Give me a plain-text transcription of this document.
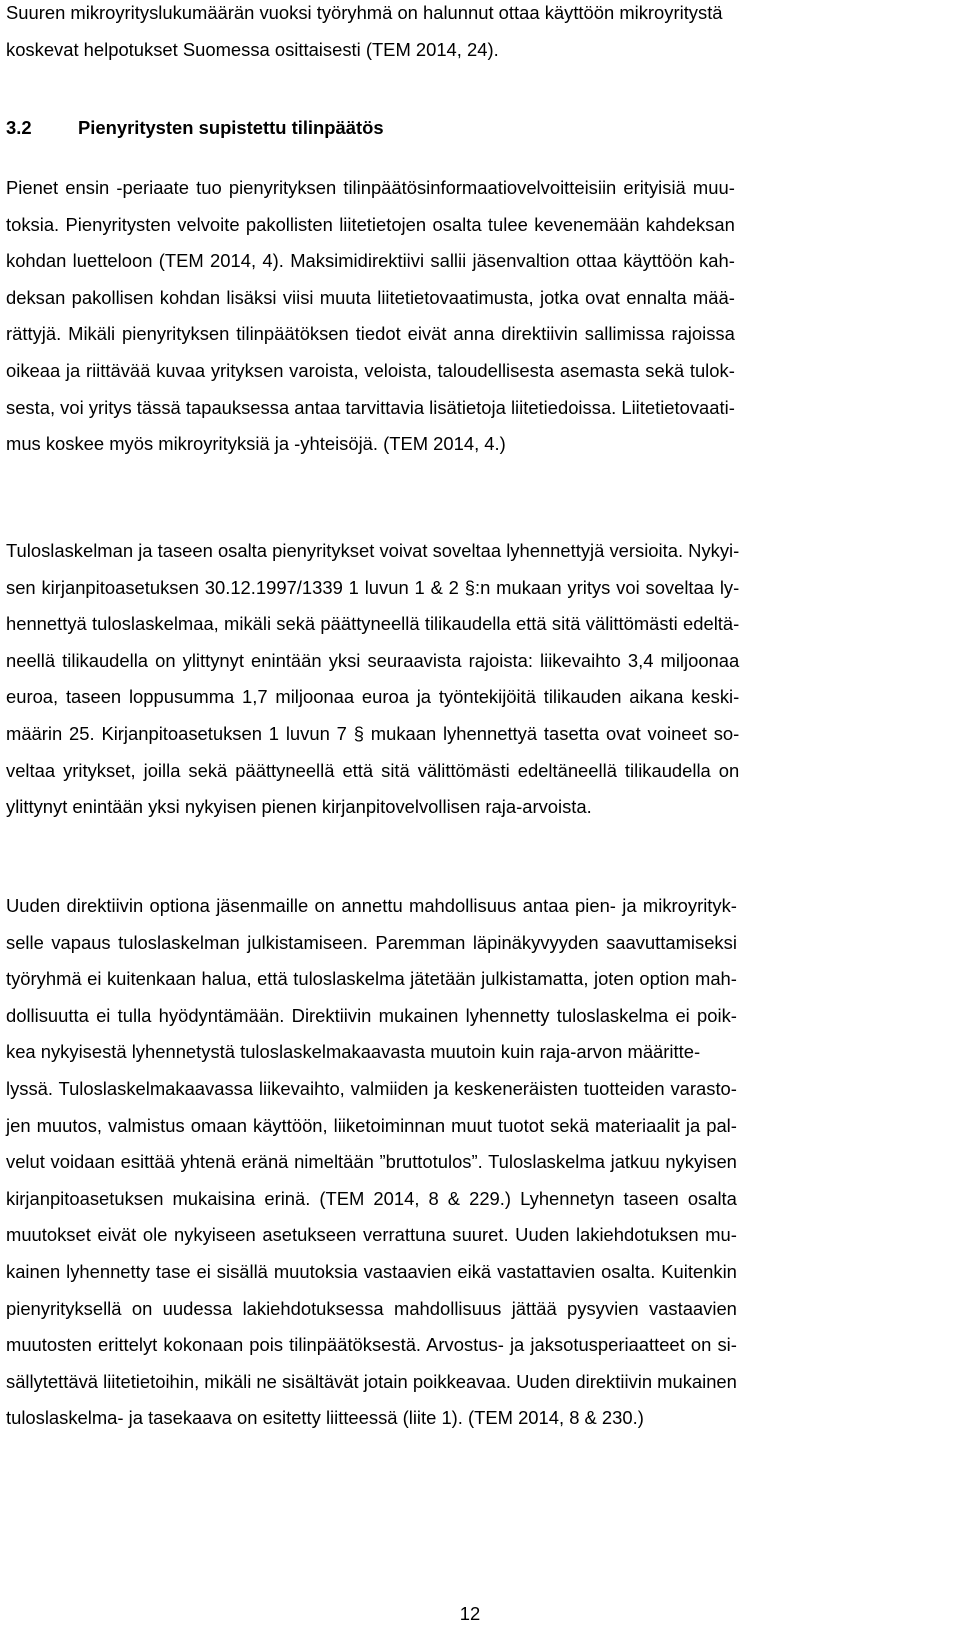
Suuren mikroyrityslukumäärän vuoksi työryhmä on halunnut ottaa käyttöön mikroyritystä
koskevat helpotukset Suomessa osittaisesti (TEM 2014, 24).
3.2	Pienyritysten supistettu tilinpäätös
Pienet ensin -periaate tuo pienyrityksen tilinpäätösinformaatiovelvoitteisiin erityisiä muu-
toksia. Pienyritysten velvoite pakollisten liitetietojen osalta tulee kevenemään kahdeksan
kohdan luetteloon (TEM 2014, 4). Maksimidirektiivi sallii jäsenvaltion ottaa käyttöön kah-
deksan pakollisen kohdan lisäksi viisi muuta liitetietovaatimusta, jotka ovat ennalta mää-
rättyjä. Mikäli pienyrityksen tilinpäätöksen tiedot eivät anna direktiivin sallimissa rajoissa
oikeaa ja riittävää kuvaa yrityksen varoista, veloista, taloudellisesta asemasta sekä tulok-
sesta, voi yritys tässä tapauksessa antaa tarvittavia lisätietoja liitetiedoissa. Liitetietovaati-
mus koskee myös mikroyrityksiä ja -yhteisöjä. (TEM 2014, 4.)
Tuloslaskelman ja taseen osalta pienyritykset voivat soveltaa lyhennettyjä versioita. Nykyi-
sen kirjanpitoasetuksen 30.12.1997/1339 1 luvun 1 & 2 §:n mukaan yritys voi soveltaa ly-
hennettyä tuloslaskelmaa, mikäli sekä päättyneellä tilikaudella että sitä välittömästi edeltä-
neellä tilikaudella on ylittynyt enintään yksi seuraavista rajoista: liikevaihto 3,4 miljoonaa
euroa, taseen loppusumma 1,7 miljoonaa euroa ja työntekijöitä tilikauden aikana keski-
määrin 25. Kirjanpitoasetuksen 1 luvun 7 § mukaan lyhennettyä tasetta ovat voineet so-
veltaa yritykset, joilla sekä päättyneellä että sitä välittömästi edeltäneellä tilikaudella on
ylittynyt enintään yksi nykyisen pienen kirjanpitovelvollisen raja-arvoista.
Uuden direktiivin optiona jäsenmaille on annettu mahdollisuus antaa pien- ja mikroyrityk-
selle vapaus tuloslaskelman julkistamiseen. Paremman läpinäkyvyyden saavuttamiseksi
työryhmä ei kuitenkaan halua, että tuloslaskelma jätetään julkistamatta, joten option mah-
dollisuutta ei tulla hyödyntämään. Direktiivin mukainen lyhennetty tuloslaskelma ei poik-
kea nykyisestä lyhennetystä tuloslaskelmakaavasta muutoin kuin raja-arvon määritte-
lyssä. Tuloslaskelmakaavassa liikevaihto, valmiiden ja keskeneräisten tuotteiden varasto-
jen muutos, valmistus omaan käyttöön, liiketoiminnan muut tuotot sekä materiaalit ja pal-
velut voidaan esittää yhtenä eränä nimeltään ”bruttotulos”. Tuloslaskelma jatkuu nykyisen
kirjanpitoasetuksen mukaisina erinä. (TEM 2014, 8 & 229.) Lyhennetyn taseen osalta
muutokset eivät ole nykyiseen asetukseen verrattuna suuret. Uuden lakiehdotuksen mu-
kainen lyhennetty tase ei sisällä muutoksia vastaavien eikä vastattavien osalta. Kuitenkin
pienyrityksellä on uudessa lakiehdotuksessa mahdollisuus jättää pysyvien vastaavien
muutosten erittelyt kokonaan pois tilinpäätöksestä. Arvostus- ja jaksotusperiaatteet on si-
sällytettävä liitetietoihin, mikäli ne sisältävät jotain poikkeavaa. Uuden direktiivin mukainen
tuloslaskelma- ja tasekaava on esitetty liitteessä (liite 1). (TEM 2014, 8 & 230.)
12
